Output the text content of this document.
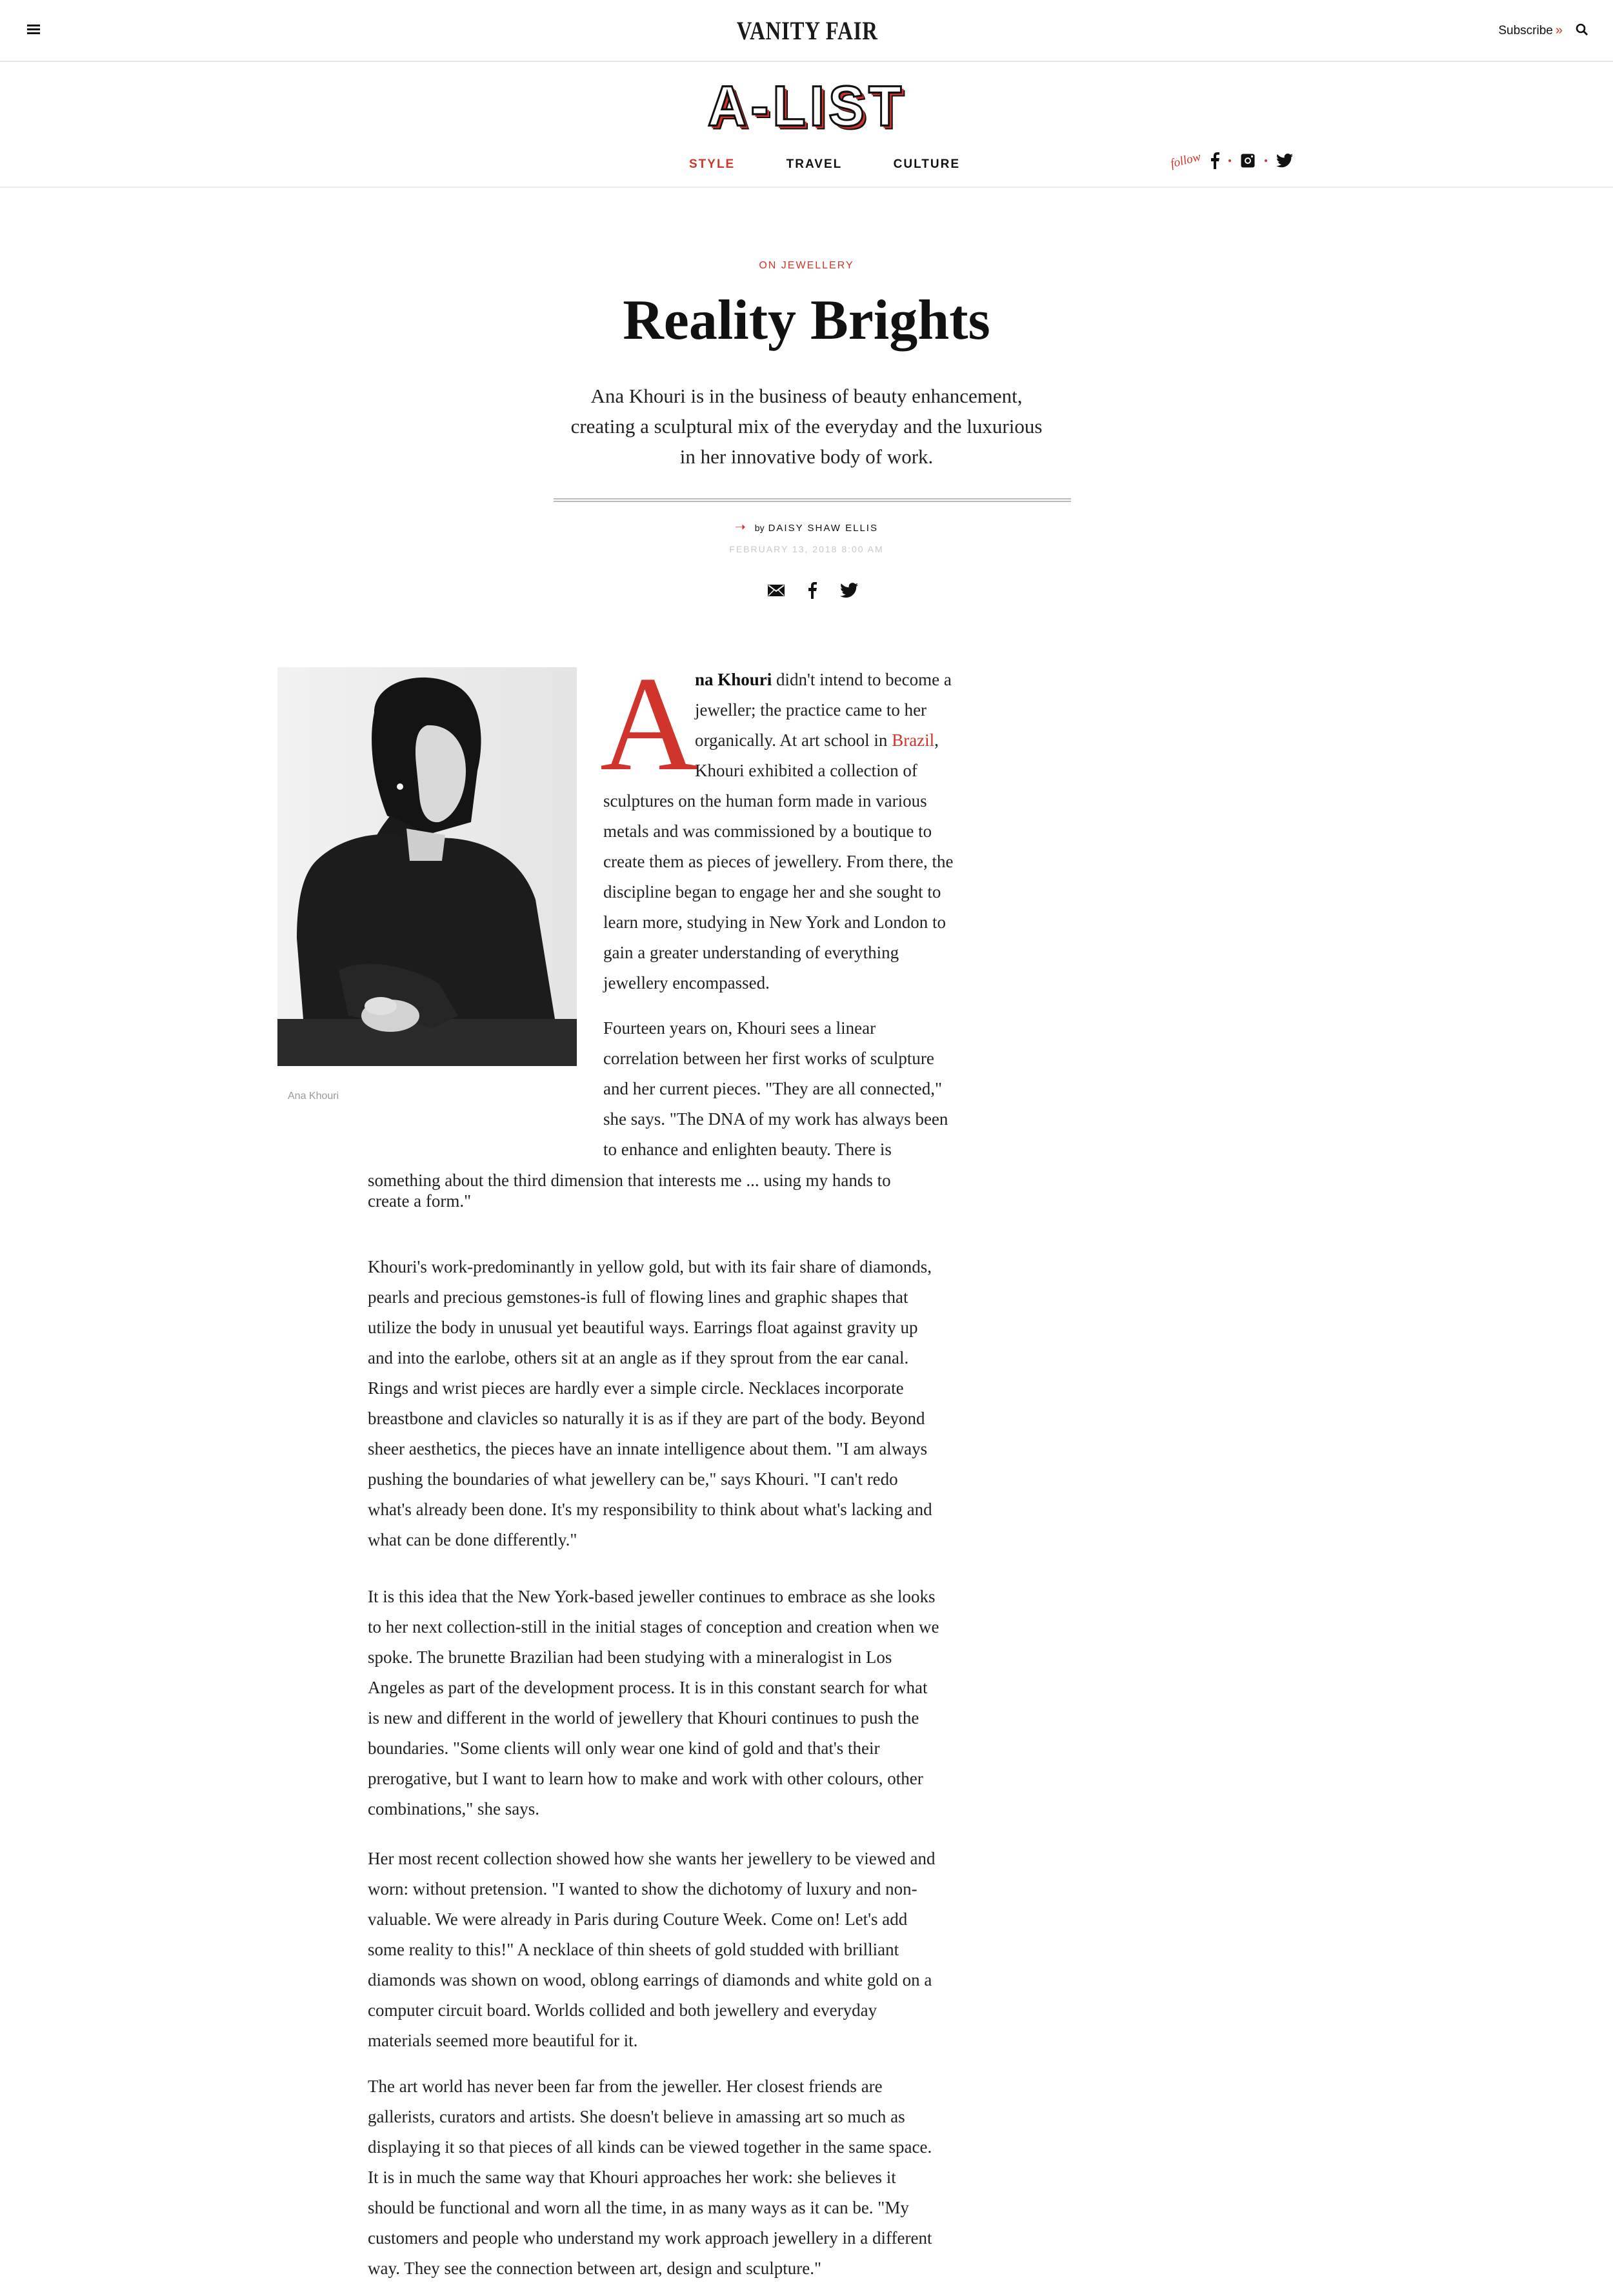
VANITY FAIR	Subscribe »
A-LIST
STYLE	TRAVEL	CULTURE	follow
ON JEWELLERY
Reality Brights
Ana Khouri is in the business of beauty enhancement,
creating a sculptural mix of the everyday and the luxurious
in her innovative body of work.
➝ by DAISY SHAW ELLIS
FEBRUARY 13, 2018 8:00 AM
Ana Khouri
A
na Khouri didn't intend to become a
jeweller; the practice came to her
organically. At art school in Brazil,
Khouri exhibited a collection of
sculptures on the human form made in various
metals and was commissioned by a boutique to
create them as pieces of jewellery. From there, the
discipline began to engage her and she sought to
learn more, studying in New York and London to
gain a greater understanding of everything
jewellery encompassed.
Fourteen years on, Khouri sees a linear
correlation between her first works of sculpture
and her current pieces. "They are all connected,"
she says. "The DNA of my work has always been
to enhance and enlighten beauty. There is
something about the third dimension that interests me ... using my hands to
create a form."
Khouri's work-predominantly in yellow gold, but with its fair share of diamonds,
pearls and precious gemstones-is full of flowing lines and graphic shapes that
utilize the body in unusual yet beautiful ways. Earrings float against gravity up
and into the earlobe, others sit at an angle as if they sprout from the ear canal.
Rings and wrist pieces are hardly ever a simple circle. Necklaces incorporate
breastbone and clavicles so naturally it is as if they are part of the body. Beyond
sheer aesthetics, the pieces have an innate intelligence about them. "I am always
pushing the boundaries of what jewellery can be," says Khouri. "I can't redo
what's already been done. It's my responsibility to think about what's lacking and
what can be done differently."
It is this idea that the New York-based jeweller continues to embrace as she looks
to her next collection-still in the initial stages of conception and creation when we
spoke. The brunette Brazilian had been studying with a mineralogist in Los
Angeles as part of the development process. It is in this constant search for what
is new and different in the world of jewellery that Khouri continues to push the
boundaries. "Some clients will only wear one kind of gold and that's their
prerogative, but I want to learn how to make and work with other colours, other
combinations," she says.
Her most recent collection showed how she wants her jewellery to be viewed and
worn: without pretension. "I wanted to show the dichotomy of luxury and non-
valuable. We were already in Paris during Couture Week. Come on! Let's add
some reality to this!" A necklace of thin sheets of gold studded with brilliant
diamonds was shown on wood, oblong earrings of diamonds and white gold on a
computer circuit board. Worlds collided and both jewellery and everyday
materials seemed more beautiful for it.
The art world has never been far from the jeweller. Her closest friends are
gallerists, curators and artists. She doesn't believe in amassing art so much as
displaying it so that pieces of all kinds can be viewed together in the same space.
It is in much the same way that Khouri approaches her work: she believes it
should be functional and worn all the time, in as many ways as it can be. "My
customers and people who understand my work approach jewellery in a different
way. They see the connection between art, design and sculpture."
